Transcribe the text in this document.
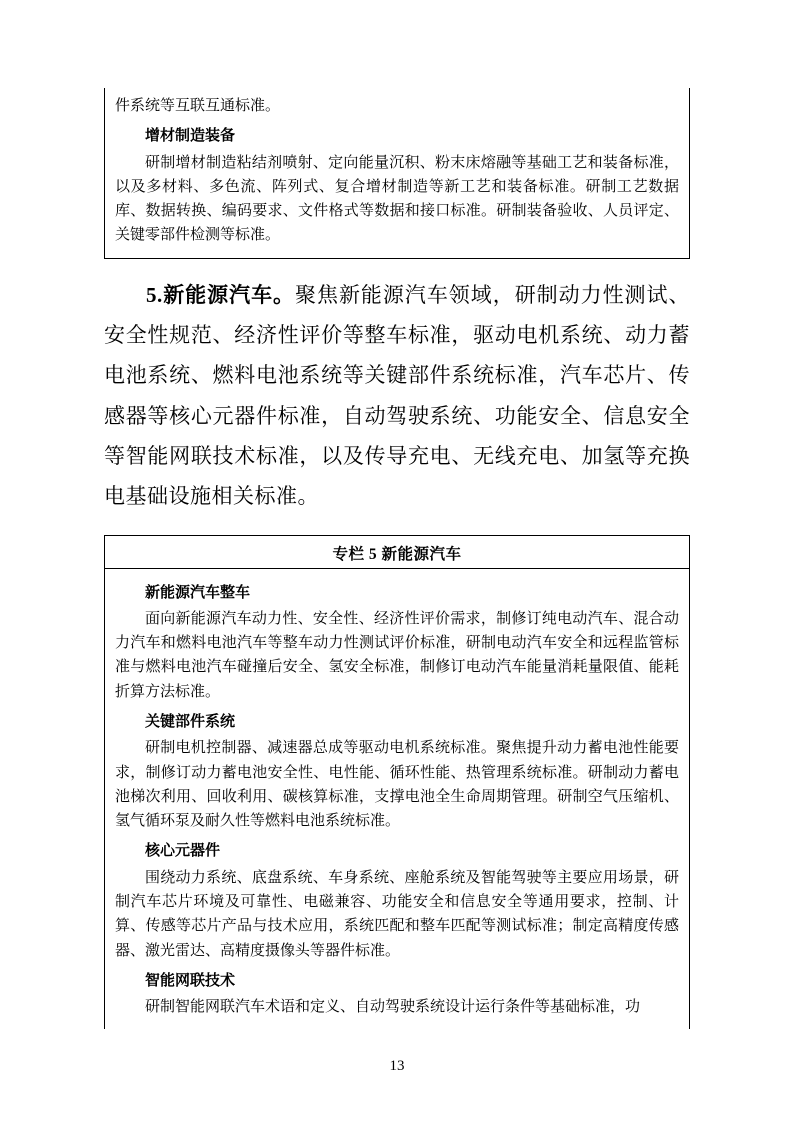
件系统等互联互通标准。

增材制造装备

研制增材制造粘结剂喷射、定向能量沉积、粉末床熔融等基础工艺和装备标准，以及多材料、多色流、阵列式、复合增材制造等新工艺和装备标准。研制工艺数据库、数据转换、编码要求、文件格式等数据和接口标准。研制装备验收、人员评定、关键零部件检测等标准。

5.新能源汽车。聚焦新能源汽车领域，研制动力性测试、安全性规范、经济性评价等整车标准，驱动电机系统、动力蓄电池系统、燃料电池系统等关键部件系统标准，汽车芯片、传感器等核心元器件标准，自动驾驶系统、功能安全、信息安全等智能网联技术标准，以及传导充电、无线充电、加氢等充换电基础设施相关标准。

专栏 5 新能源汽车
新能源汽车整车

面向新能源汽车动力性、安全性、经济性评价需求，制修订纯电动汽车、混合动力汽车和燃料电池汽车等整车动力性测试评价标准，研制电动汽车安全和远程监管标准与燃料电池汽车碰撞后安全、氢安全标准，制修订电动汽车能量消耗量限值、能耗折算方法标准。

关键部件系统

研制电机控制器、减速器总成等驱动电机系统标准。聚焦提升动力蓄电池性能要求，制修订动力蓄电池安全性、电性能、循环性能、热管理系统标准。研制动力蓄电池梯次利用、回收利用、碳核算标准，支撑电池全生命周期管理。研制空气压缩机、氢气循环泵及耐久性等燃料电池系统标准。

核心元器件

围绕动力系统、底盘系统、车身系统、座舱系统及智能驾驶等主要应用场景，研制汽车芯片环境及可靠性、电磁兼容、功能安全和信息安全等通用要求，控制、计算、传感等芯片产品与技术应用，系统匹配和整车匹配等测试标准；制定高精度传感器、激光雷达、高精度摄像头等器件标准。

智能网联技术

研制智能网联汽车术语和定义、自动驾驶系统设计运行条件等基础标准，功

13
